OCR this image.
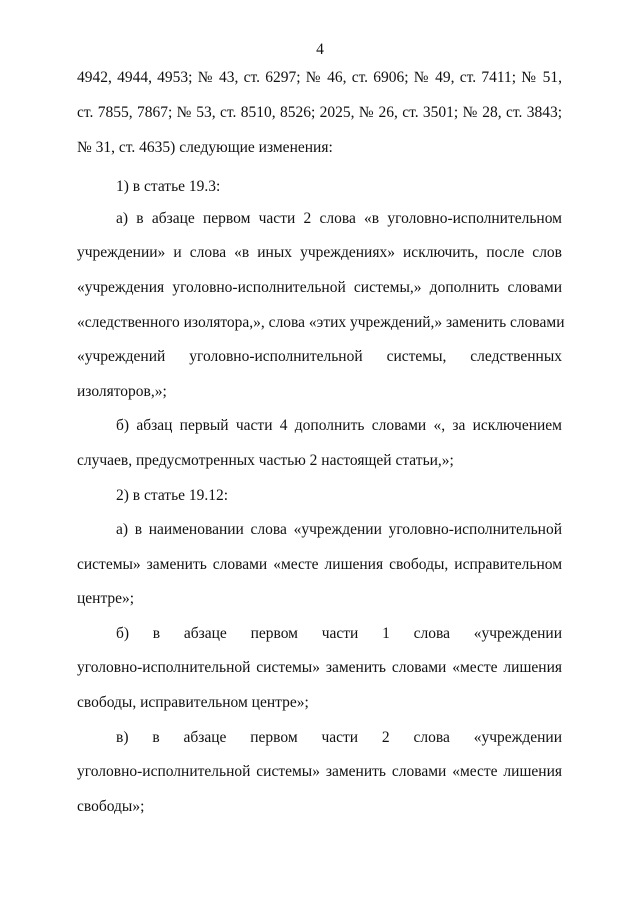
4
4942, 4944, 4953; № 43, ст. 6297; № 46, ст. 6906; № 49, ст. 7411; № 51,
ст. 7855, 7867; № 53, ст. 8510, 8526; 2025, № 26, ст. 3501; № 28, ст. 3843;
№ 31, ст. 4635) следующие изменения:
1) в статье 19.3:
а) в абзаце первом части 2 слова «в уголовно-исполнительном
учреждении» и слова «в иных учреждениях» исключить, после слов
«учреждения уголовно-исполнительной системы,» дополнить словами
«следственного изолятора,», слова «этих учреждений,» заменить словами
«учреждений уголовно-исполнительной системы, следственных
изоляторов,»;
б) абзац первый части 4 дополнить словами «, за исключением
случаев, предусмотренных частью 2 настоящей статьи,»;
2) в статье 19.12:
а) в наименовании слова «учреждении уголовно-исполнительной
системы» заменить словами «месте лишения свободы, исправительном
центре»;
б) в абзаце первом части 1 слова «учреждении
уголовно-исполнительной системы» заменить словами «месте лишения
свободы, исправительном центре»;
в) в абзаце первом части 2 слова «учреждении
уголовно-исполнительной системы» заменить словами «месте лишения
свободы»;
